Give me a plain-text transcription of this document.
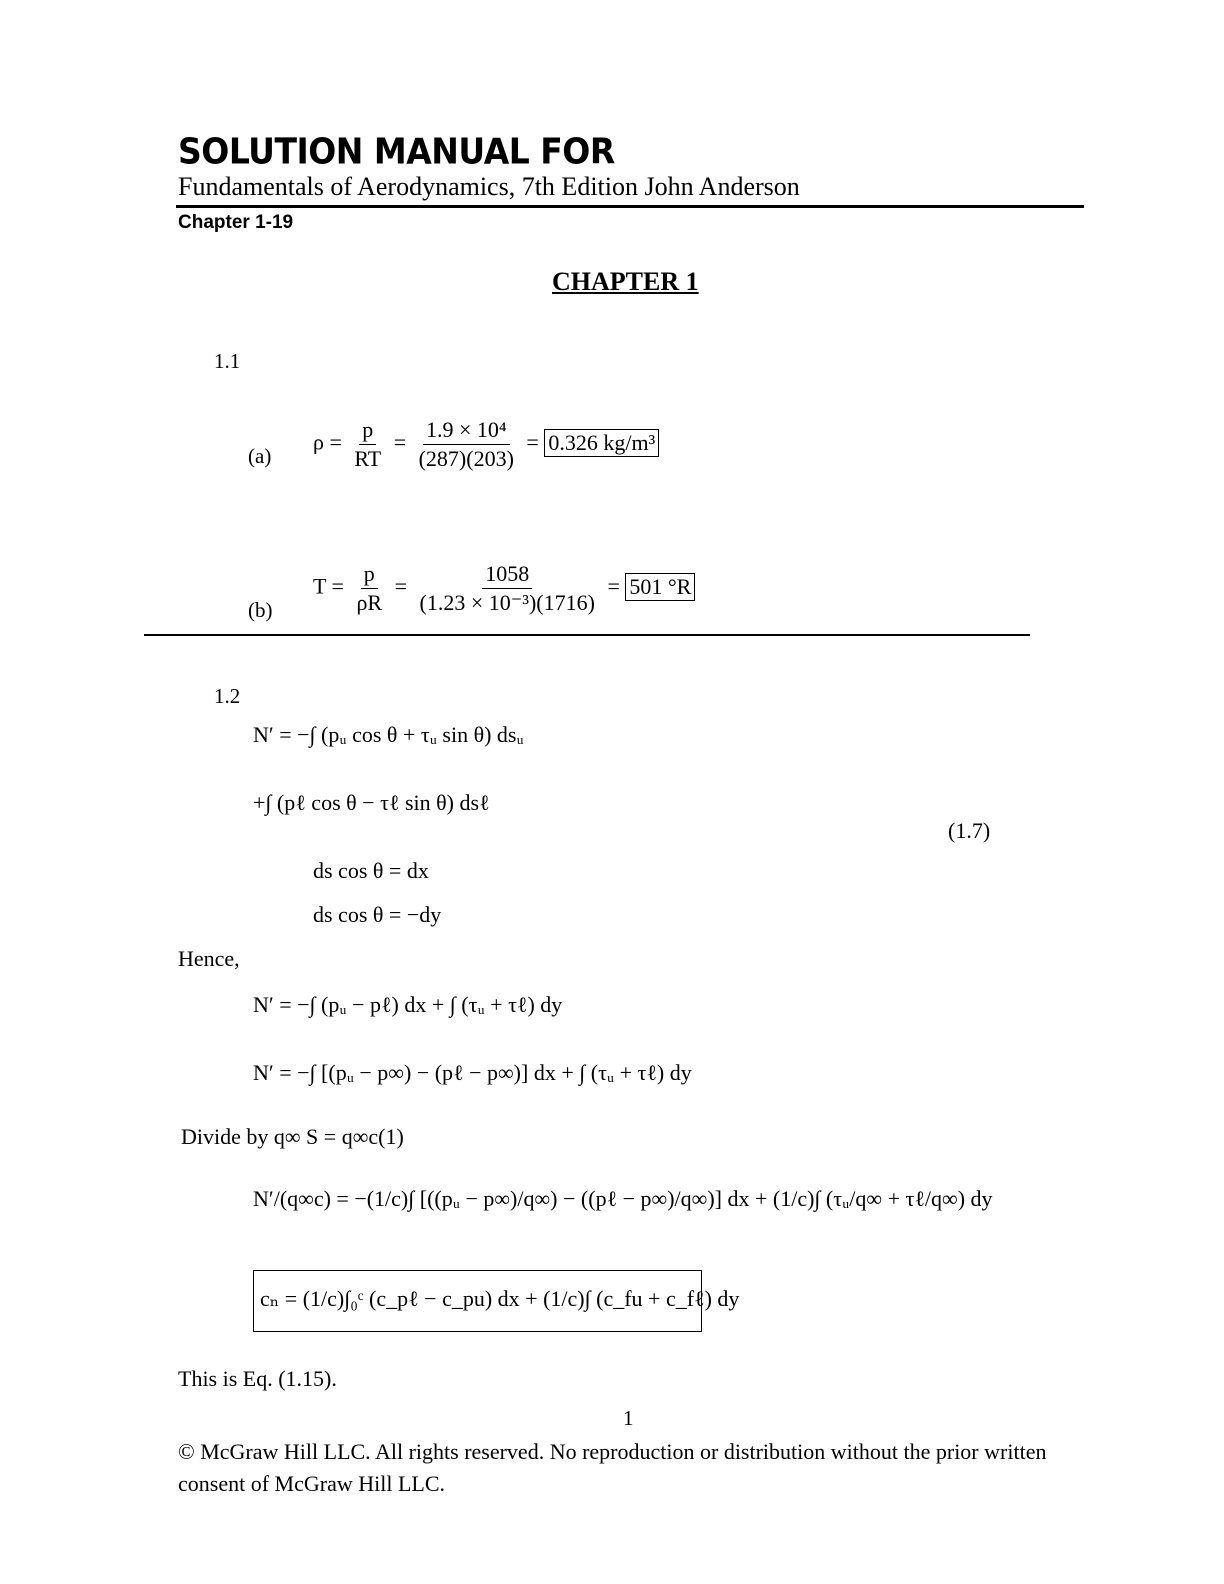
SOLUTION MANUAL FOR
Fundamentals of Aerodynamics, 7th Edition John Anderson
Chapter 1-19
CHAPTER 1
1.1
(a)
$\rho = \frac{p}{RT} = \frac{\text{1.9 × 10⁴}}{(287)(203)} = 0.326$ kg/m³
(b)
$T = \frac{p}{\rho R} = \frac{1058}{\text{(1.23 × 10⁻³)(1716)}} = 501$ °R
1.2
N′ = −∫ (pᵤ cos θ + τᵤ sin θ) dsᵤ
+∫ (pℓ cos θ − τℓ sin θ) dsℓ
(1.7)
ds cos θ = dx
ds cos θ = −dy
Hence,
N′ = −∫ (pᵤ − pℓ) dx + ∫ (τᵤ + τℓ) dy
N′ = −∫ [(pᵤ − p∞) − (pℓ − p∞)] dx + ∫ (τᵤ + τℓ) dy
Divide by q∞ S = q∞c(1)
N′/(q∞c) = −(1/c)∫ [((pᵤ − p∞)/q∞) − ((pℓ − p∞)/q∞)] dx + (1/c)∫ (τᵤ/q∞ + τℓ/q∞) dy
cₙ = (1/c)∫₀ᶜ (c_pℓ − c_pu) dx + (1/c)∫ (c_fu + c_fℓ) dy
This is Eq. (1.15).
1
© McGraw Hill LLC. All rights reserved. No reproduction or distribution without the prior written consent of McGraw Hill LLC.
